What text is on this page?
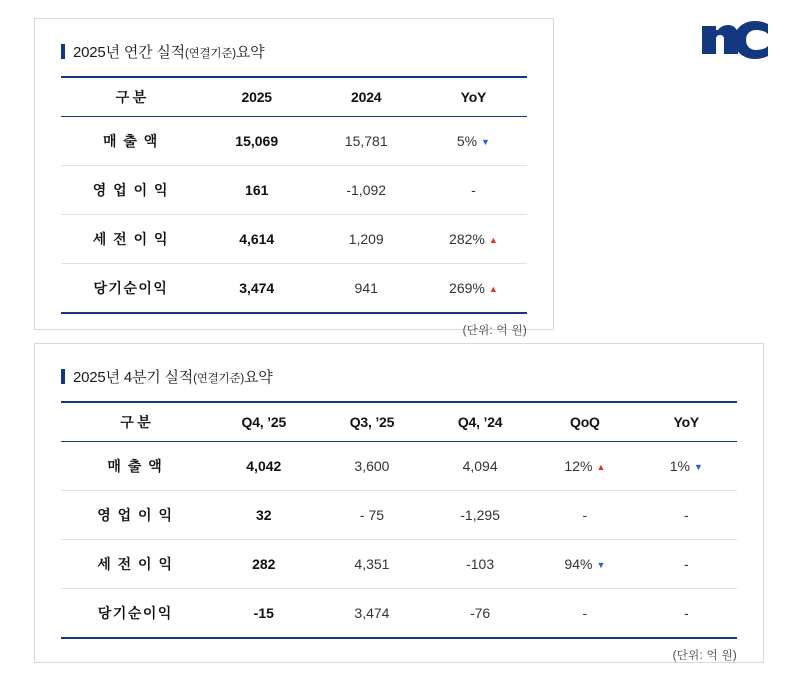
2025년 연간 실적 (연결기준) 요약
구 분	2025	2024	YoY
매 출 액	15,069	15,781	5% ▼
영 업 이 익	161	-1,092	-
세 전 이 익	4,614	1,209	282% ▲
당기순이익	3,474	941	269% ▲
(단위: 억 원)
2025년 4분기 실적 (연결기준) 요약
구 분	Q4, ’25	Q3, ’25	Q4, ’24	QoQ	YoY
매 출 액	4,042	3,600	4,094	12% ▲	1% ▼
영 업 이 익	32	- 75	-1,295	-	-
세 전 이 익	282	4,351	-103	94% ▼	-
당기순이익	-15	3,474	-76	-	-
(단위: 억 원)
